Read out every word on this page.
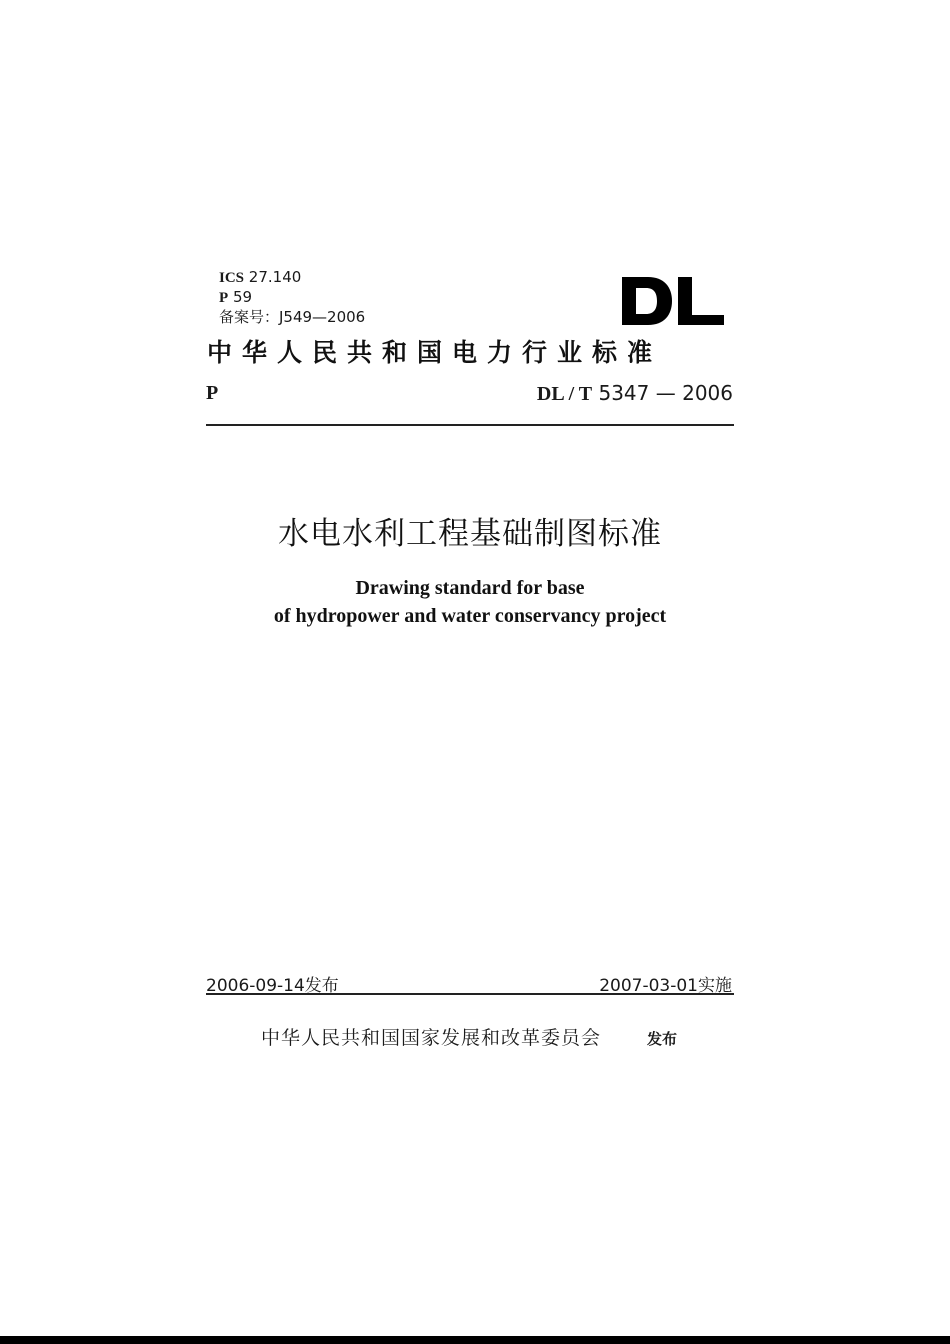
ICS 27.140
P 59
备案号：J549—2006
中华人民共和国电力行业标准
P	DL / T 5347 — 2006
水电水利工程基础制图标准
Drawing standard for base
of hydropower and water conservancy project
2006-09-14发布	2007-03-01实施
中华人民共和国国家发展和改革委员会	发布
